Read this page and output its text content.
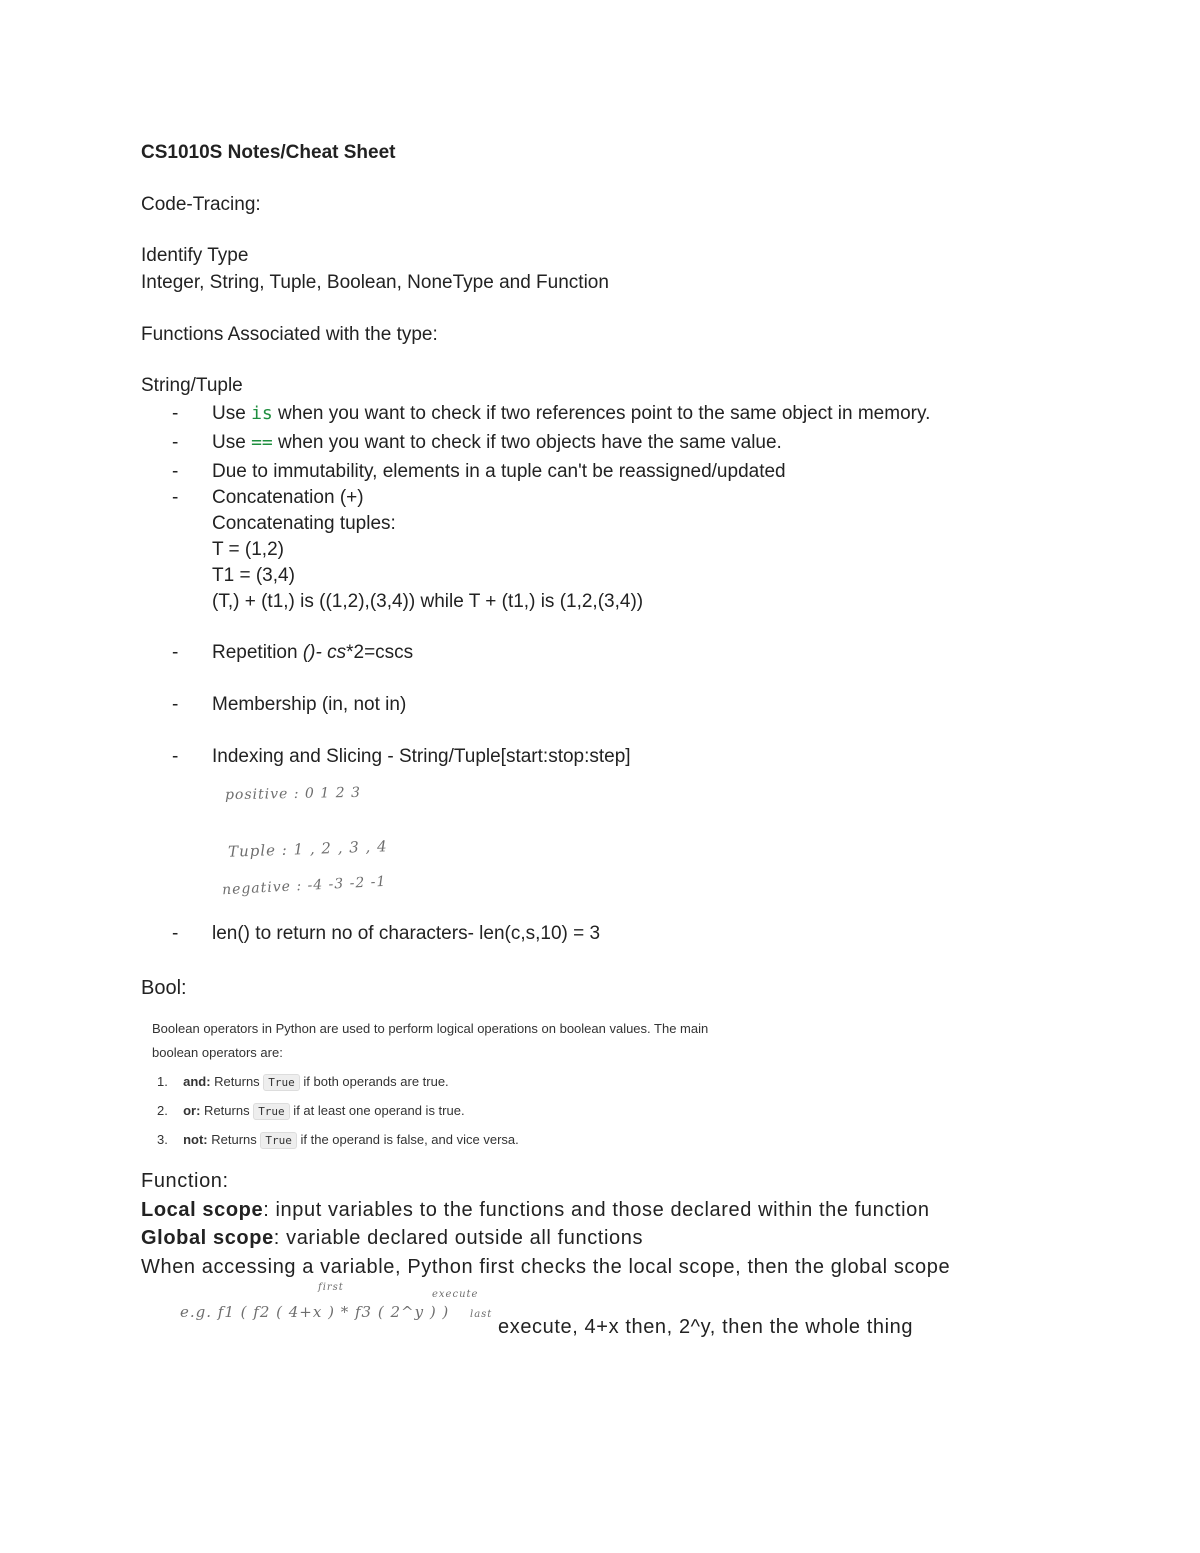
CS1010S Notes/Cheat Sheet
Code-Tracing:
Identify Type
Integer, String, Tuple, Boolean, NoneType and Function
Functions Associated with the type:
String/Tuple
- Use is when you want to check if two references point to the same object in memory.
- Use == when you want to check if two objects have the same value.
- Due to immutability, elements in a tuple can't be reassigned/updated
- Concatenation (+)
Concatenating tuples:
T = (1,2)
T1 = (3,4)
(T,) + (t1,) is ((1,2),(3,4)) while T + (t1,) is (1,2,(3,4))
- Repetition ()- cs*2=cscs
- Membership (in, not in)
- Indexing and Slicing - String/Tuple[start:stop:step]
positive : 0 1 2 3
Tuple : 1 , 2 , 3 , 4
negative : -4 -3 -2 -1
- len() to return no of characters- len(c,s,10) = 3
Bool:
Boolean operators in Python are used to perform logical operations on boolean values. The main
boolean operators are:
1. and: Returns True if both operands are true.
2. or: Returns True if at least one operand is true.
3. not: Returns True if the operand is false, and vice versa.
Function:
Local scope: input variables to the functions and those declared within the function
Global scope: variable declared outside all functions
When accessing a variable, Python first checks the local scope, then the global scope
first
execute
last
e.g. f1 ( f2 ( 4+x ) * f3 ( 2^y ) )
execute, 4+x then, 2^y, then the whole thing
